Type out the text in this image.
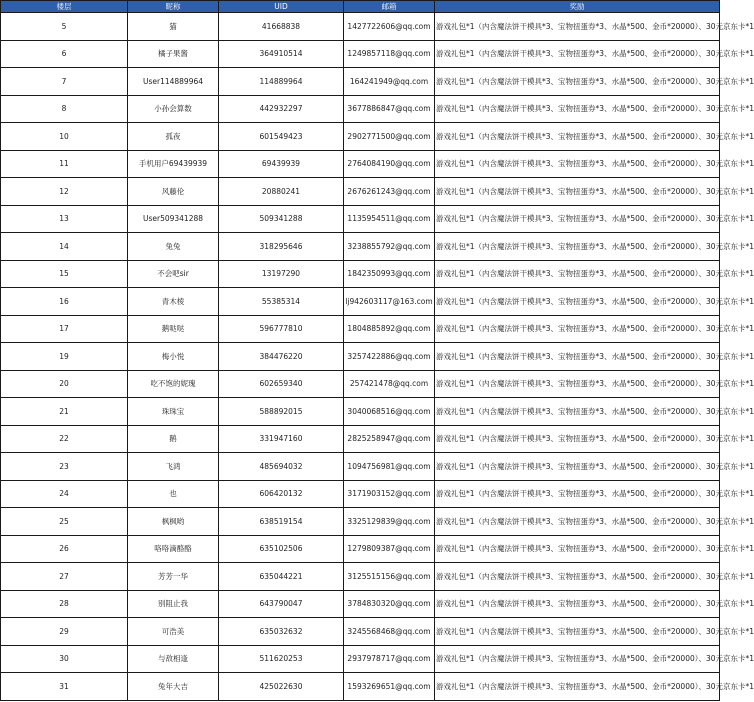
楼层	昵称	UID	邮箱	奖励
5	猫	41668838	1427722606@qq.com	游戏礼包*1（内含魔法饼干模具*3、宝物扭蛋券*3、水晶*500、金币*20000）、30元京东卡*1
6	橘子果酱	364910514	1249857118@qq.com	游戏礼包*1（内含魔法饼干模具*3、宝物扭蛋券*3、水晶*500、金币*20000）、30元京东卡*1
7	User114889964	114889964	164241949@qq.com	游戏礼包*1（内含魔法饼干模具*3、宝物扭蛋券*3、水晶*500、金币*20000）、30元京东卡*1
8	小孙会算数	442932297	3677886847@qq.com	游戏礼包*1（内含魔法饼干模具*3、宝物扭蛋券*3、水晶*500、金币*20000）、30元京东卡*1
10	孤夜	601549423	2902771500@qq.com	游戏礼包*1（内含魔法饼干模具*3、宝物扭蛋券*3、水晶*500、金币*20000）、30元京东卡*1
11	手机用户69439939	69439939	2764084190@qq.com	游戏礼包*1（内含魔法饼干模具*3、宝物扭蛋券*3、水晶*500、金币*20000）、30元京东卡*1
12	风藤伦	20880241	2676261243@qq.com	游戏礼包*1（内含魔法饼干模具*3、宝物扭蛋券*3、水晶*500、金币*20000）、30元京东卡*1
13	User509341288	509341288	1135954511@qq.com	游戏礼包*1（内含魔法饼干模具*3、宝物扭蛋券*3、水晶*500、金币*20000）、30元京东卡*1
14	兔兔	318295646	3238855792@qq.com	游戏礼包*1（内含魔法饼干模具*3、宝物扭蛋券*3、水晶*500、金币*20000）、30元京东卡*1
15	不会吧sir	13197290	1842350993@qq.com	游戏礼包*1（内含魔法饼干模具*3、宝物扭蛋券*3、水晶*500、金币*20000）、30元京东卡*1
16	青木棱	55385314	lj942603117@163.com	游戏礼包*1（内含魔法饼干模具*3、宝物扭蛋券*3、水晶*500、金币*20000）、30元京东卡*1
17	鹅哒哒	596777810	1804885892@qq.com	游戏礼包*1（内含魔法饼干模具*3、宝物扭蛋券*3、水晶*500、金币*20000）、30元京东卡*1
19	梅小悦	384476220	3257422886@qq.com	游戏礼包*1（内含魔法饼干模具*3、宝物扭蛋券*3、水晶*500、金币*20000）、30元京东卡*1
20	吃不饱的妮瑰	602659340	257421478@qq.com	游戏礼包*1（内含魔法饼干模具*3、宝物扭蛋券*3、水晶*500、金币*20000）、30元京东卡*1
21	珠珠宝	588892015	3040068516@qq.com	游戏礼包*1（内含魔法饼干模具*3、宝物扭蛋券*3、水晶*500、金币*20000）、30元京东卡*1
22	鹅	331947160	2825258947@qq.com	游戏礼包*1（内含魔法饼干模具*3、宝物扭蛋券*3、水晶*500、金币*20000）、30元京东卡*1
23	飞鸿	485694032	1094756981@qq.com	游戏礼包*1（内含魔法饼干模具*3、宝物扭蛋券*3、水晶*500、金币*20000）、30元京东卡*1
24	也	606420132	3171903152@qq.com	游戏礼包*1（内含魔法饼干模具*3、宝物扭蛋券*3、水晶*500、金币*20000）、30元京东卡*1
25	枫枫哟	638519154	3325129839@qq.com	游戏礼包*1（内含魔法饼干模具*3、宝物扭蛋券*3、水晶*500、金币*20000）、30元京东卡*1
26	咯咯滴酪酪	635102506	1279809387@qq.com	游戏礼包*1（内含魔法饼干模具*3、宝物扭蛋券*3、水晶*500、金币*20000）、30元京东卡*1
27	芳芳一华	635044221	3125515156@qq.com	游戏礼包*1（内含魔法饼干模具*3、宝物扭蛋券*3、水晶*500、金币*20000）、30元京东卡*1
28	别阻止我	643790047	3784830320@qq.com	游戏礼包*1（内含魔法饼干模具*3、宝物扭蛋券*3、水晶*500、金币*20000）、30元京东卡*1
29	可浩美	635032632	3245568468@qq.com	游戏礼包*1（内含魔法饼干模具*3、宝物扭蛋券*3、水晶*500、金币*20000）、30元京东卡*1
30	与敌相逢	511620253	2937978717@qq.com	游戏礼包*1（内含魔法饼干模具*3、宝物扭蛋券*3、水晶*500、金币*20000）、30元京东卡*1
31	兔年大吉	425022630	1593269651@qq.com	游戏礼包*1（内含魔法饼干模具*3、宝物扭蛋券*3、水晶*500、金币*20000）、30元京东卡*1
